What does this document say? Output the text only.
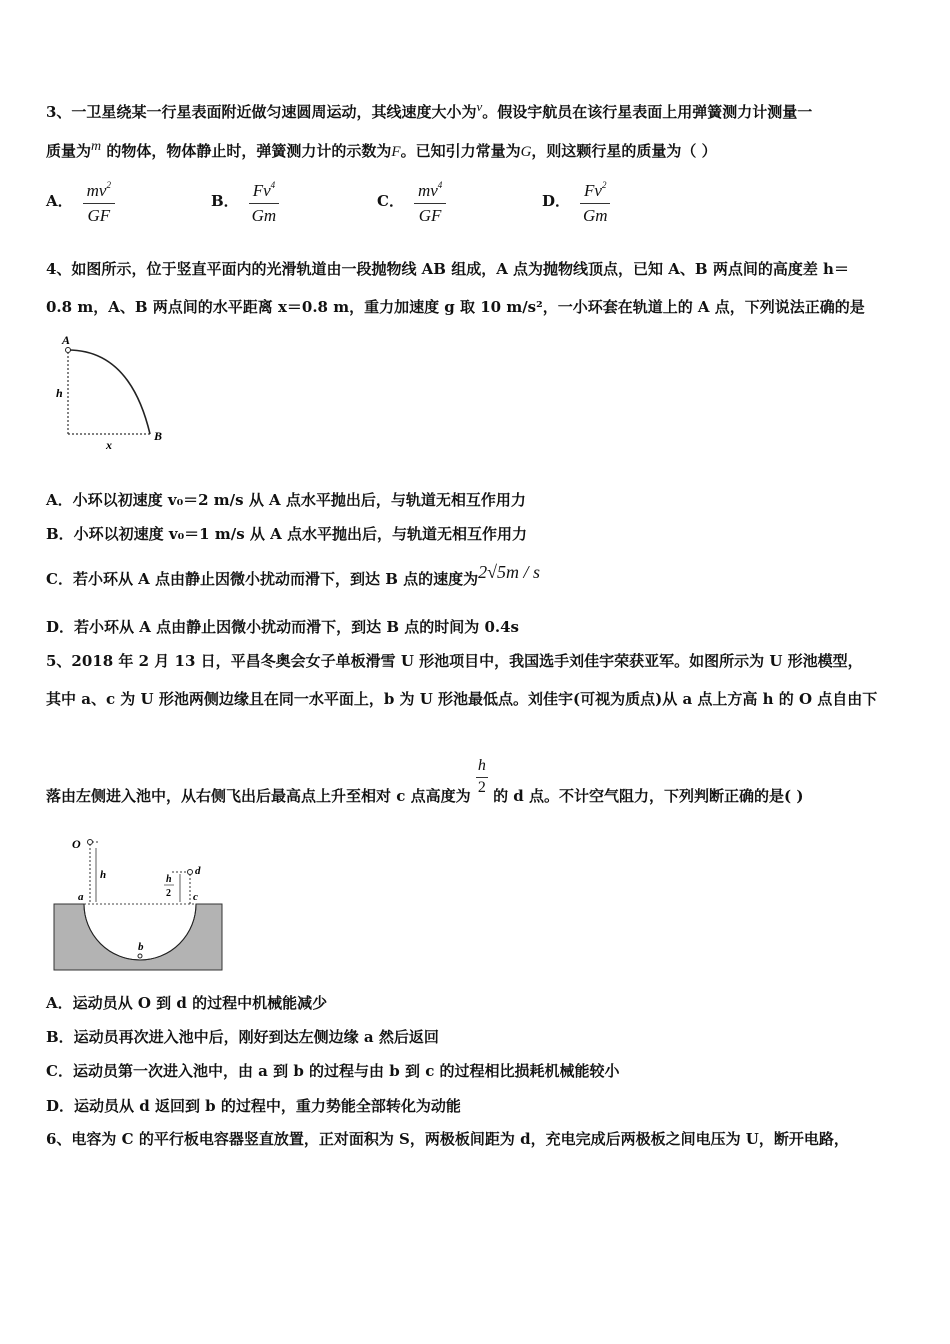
3、一卫星绕某一行星表面附近做匀速圆周运动，其线速度大小为v。假设宇航员在该行星表面上用弹簧测力计测量一
质量为m 的物体，物体静止时，弹簧测力计的示数为F。已知引力常量为G，则这颗行星的质量为（ ）
A． $\frac{mv^2}{GF}$	B． $\frac{Fv^4}{Gm}$	C． $\frac{mv^4}{GF}$	D． $\frac{Fv^2}{Gm}$
4、如图所示，位于竖直平面内的光滑轨道由一段抛物线 AB 组成，A 点为抛物线顶点，已知 A、B 两点间的高度差 h＝
0.8 m，A、B 两点间的水平距离 x＝0.8 m，重力加速度 g 取 10 m/s²，一小环套在轨道上的 A 点，下列说法正确的是
A
h
x
B
A．小环以初速度 v₀＝2 m/s 从 A 点水平抛出后，与轨道无相互作用力
B．小环以初速度 v₀＝1 m/s 从 A 点水平抛出后，与轨道无相互作用力
C．若小环从 A 点由静止因微小扰动而滑下，到达 B 点的速度为2√5m / s
D．若小环从 A 点由静止因微小扰动而滑下，到达 B 点的时间为 0.4s
5、2018 年 2 月 13 日，平昌冬奥会女子单板滑雪 U 形池项目中，我国选手刘佳宇荣获亚军。如图所示为 U 形池模型，
其中 a、c 为 U 形池两侧边缘且在同一水平面上，b 为 U 形池最低点。刘佳宇(可视为质点)从 a 点上方高 h 的 O 点自由下
落由左侧进入池中，从右侧飞出后最高点上升至相对 c 点高度为 $\frac{h}{2}$ 的 d 点。不计空气阻力，下列判断正确的是( )
O
h
a
b
c
d
h
2
A．运动员从 O 到 d 的过程中机械能减少
B．运动员再次进入池中后，刚好到达左侧边缘 a 然后返回
C．运动员第一次进入池中，由 a 到 b 的过程与由 b 到 c 的过程相比损耗机械能较小
D．运动员从 d 返回到 b 的过程中，重力势能全部转化为动能
6、电容为 C 的平行板电容器竖直放置，正对面积为 S，两极板间距为 d，充电完成后两极板之间电压为 U，断开电路，
